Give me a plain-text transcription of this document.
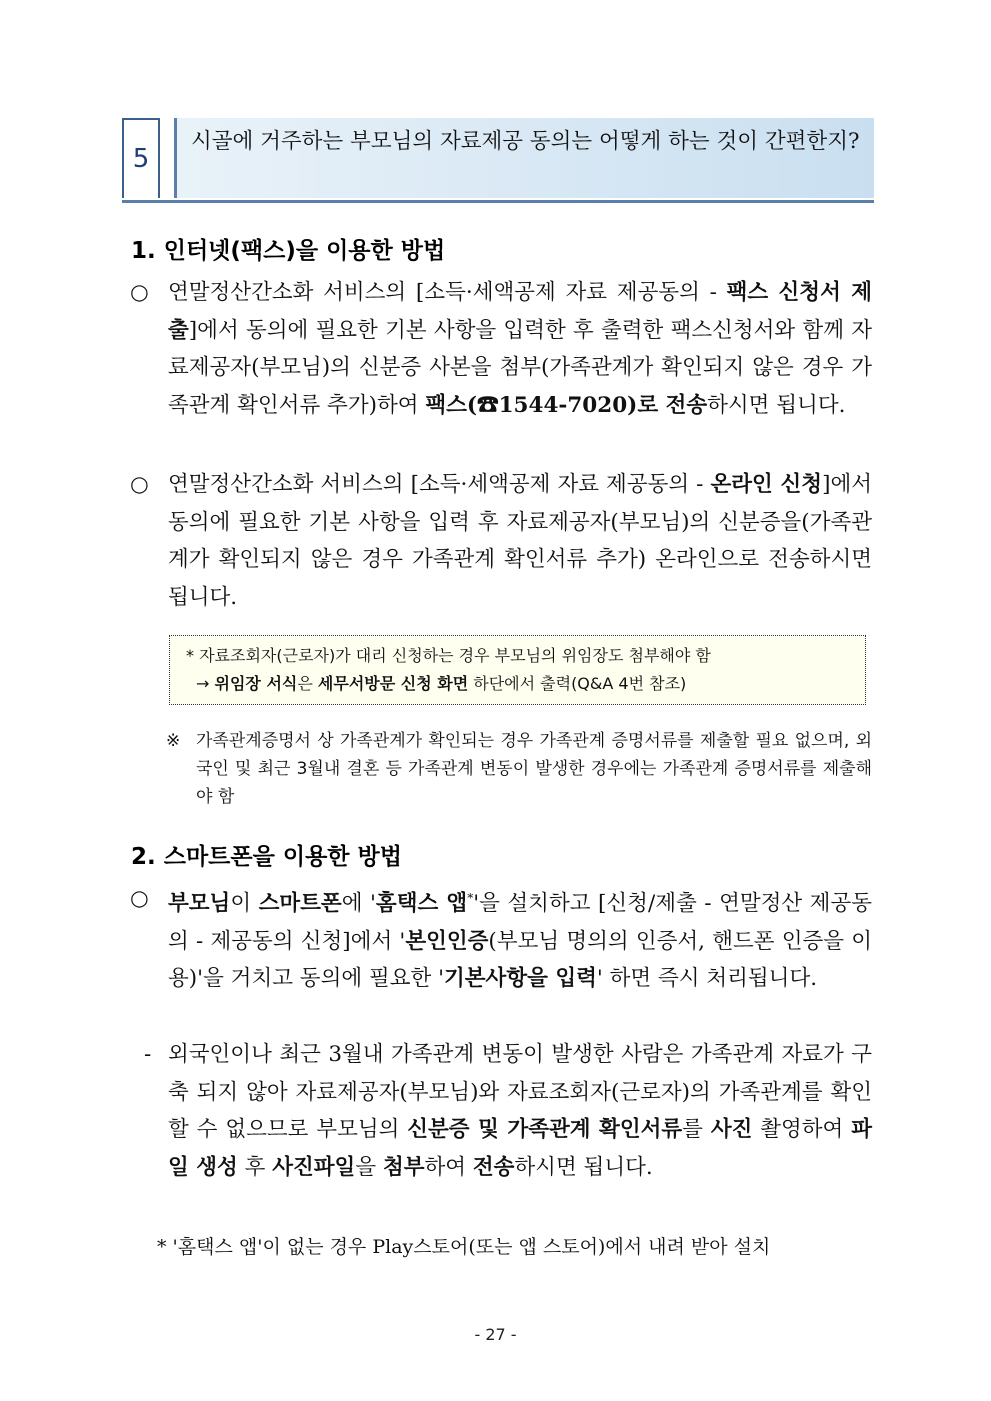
5
시골에 거주하는 부모님의 자료제공 동의는 어떻게 하는 것이 간편한지?
1. 인터넷(팩스)을 이용한 방법
○ 연말정산간소화 서비스의 [소득·세액공제 자료 제공동의 - 팩스 신청서 제출]에서 동의에 필요한 기본 사항을 입력한 후 출력한 팩스신청서와 함께 자료제공자(부모님)의 신분증 사본을 첨부(가족관계가 확인되지 않은 경우 가족관계 확인서류 추가)하여 팩스(☎1544-7020)로 전송하시면 됩니다.
○ 연말정산간소화 서비스의 [소득·세액공제 자료 제공동의 - 온라인 신청]에서 동의에 필요한 기본 사항을 입력 후 자료제공자(부모님)의 신분증을(가족관계가 확인되지 않은 경우 가족관계 확인서류 추가) 온라인으로 전송하시면 됩니다.
* 자료조회자(근로자)가 대리 신청하는 경우 부모님의 위임장도 첨부해야 함
→ 위임장 서식은 세무서방문 신청 화면 하단에서 출력(Q&A 4번 참조)
※ 가족관계증명서 상 가족관계가 확인되는 경우 가족관계 증명서류를 제출할 필요 없으며, 외국인 및 최근 3월내 결혼 등 가족관계 변동이 발생한 경우에는 가족관계 증명서류를 제출해야 함
2. 스마트폰을 이용한 방법
○ 부모님이 스마트폰에 '홈택스 앱*'을 설치하고 [신청/제출 - 연말정산 제공동의 - 제공동의 신청]에서 '본인인증(부모님 명의의 인증서, 핸드폰 인증을 이용)'을 거치고 동의에 필요한 '기본사항을 입력' 하면 즉시 처리됩니다.
- 외국인이나 최근 3월내 가족관계 변동이 발생한 사람은 가족관계 자료가 구축 되지 않아 자료제공자(부모님)와 자료조회자(근로자)의 가족관계를 확인할 수 없으므로 부모님의 신분증 및 가족관계 확인서류를 사진 촬영하여 파일 생성 후 사진파일을 첨부하여 전송하시면 됩니다.
* '홈택스 앱'이 없는 경우 Play스토어(또는 앱 스토어)에서 내려 받아 설치
- 27 -
